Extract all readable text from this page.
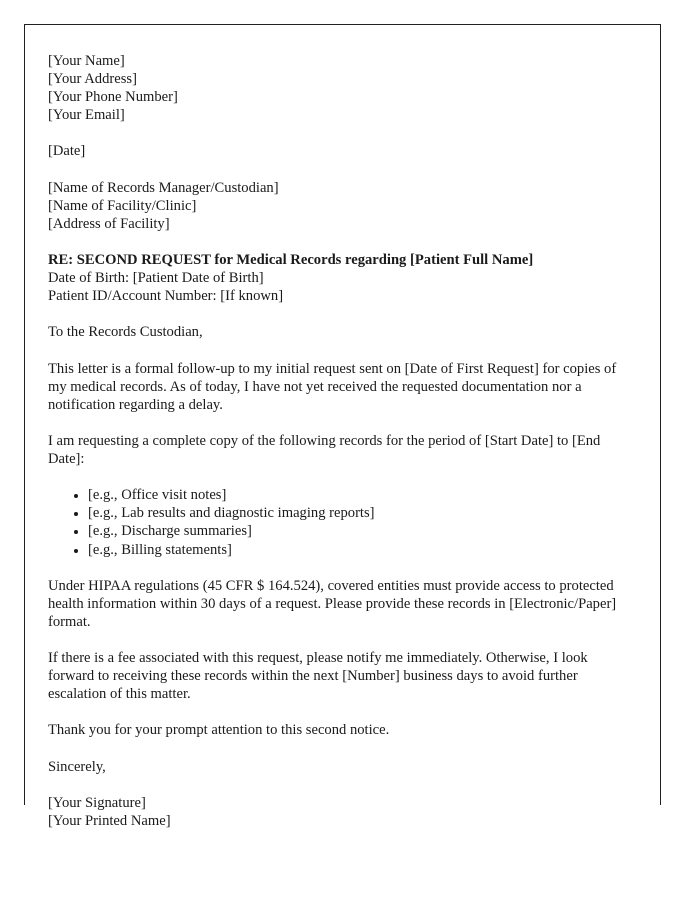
[Your Name]
[Your Address]
[Your Phone Number]
[Your Email]
[Date]
[Name of Records Manager/Custodian]
[Name of Facility/Clinic]
[Address of Facility]
RE: SECOND REQUEST for Medical Records regarding [Patient Full Name]
Date of Birth: [Patient Date of Birth]
Patient ID/Account Number: [If known]

To the Records Custodian,

This letter is a formal follow-up to my initial request sent on [Date of First Request] for copies of my medical records. As of today, I have not yet received the requested documentation nor a notification regarding a delay.

I am requesting a complete copy of the following records for the period of [Start Date] to [End Date]:

• [e.g., Office visit notes]
• [e.g., Lab results and diagnostic imaging reports]
• [e.g., Discharge summaries]
• [e.g., Billing statements]

Under HIPAA regulations (45 CFR $ 164.524), covered entities must provide access to protected health information within 30 days of a request. Please provide these records in [Electronic/Paper] format.

If there is a fee associated with this request, please notify me immediately. Otherwise, I look forward to receiving these records within the next [Number] business days to avoid further escalation of this matter.

Thank you for your prompt attention to this second notice.

Sincerely,

[Your Signature]
[Your Printed Name]
